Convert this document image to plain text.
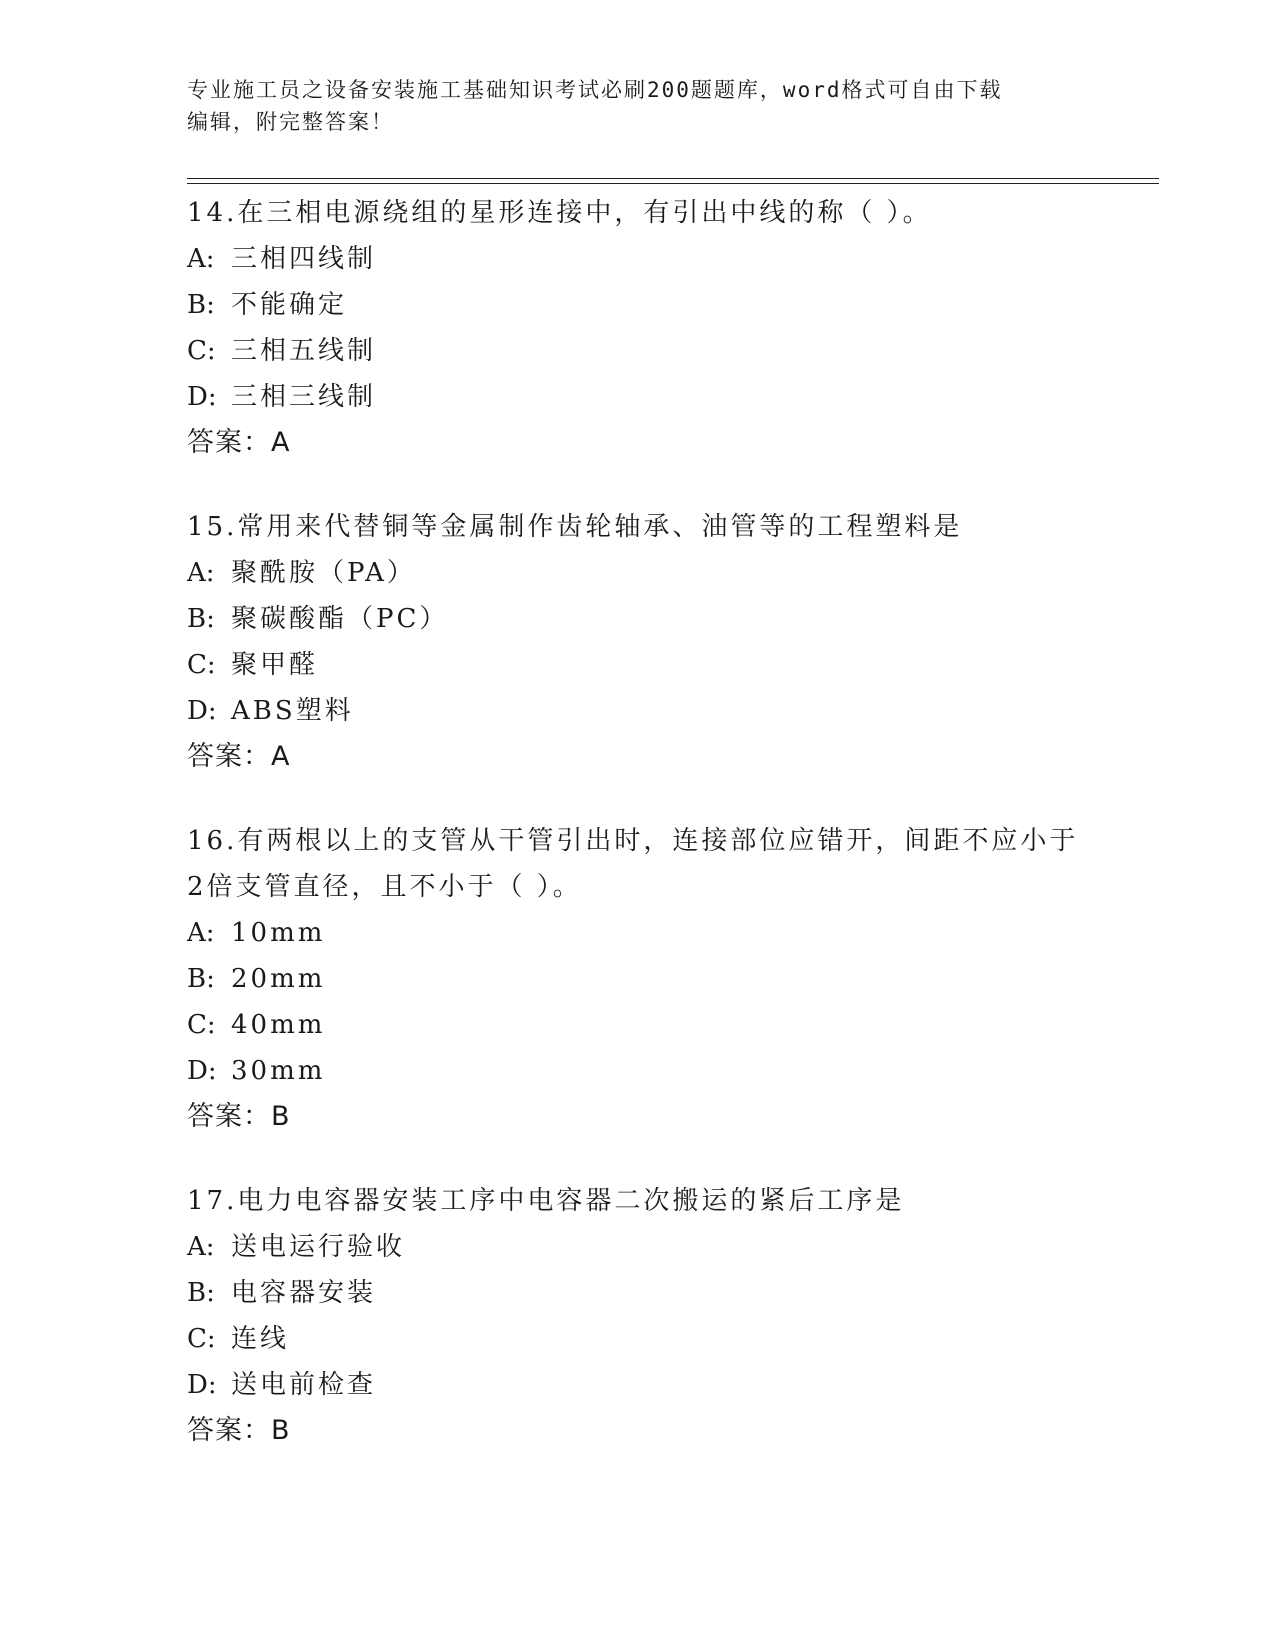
专业施工员之设备安装施工基础知识考试必刷200题题库，word格式可自由下载
编辑，附完整答案！
14.在三相电源绕组的星形连接中，有引出中线的称（ ）。
A: 三相四线制
B: 不能确定
C: 三相五线制
D: 三相三线制
答案：A
15.常用来代替铜等金属制作齿轮轴承、油管等的工程塑料是
A: 聚酰胺（PA）
B: 聚碳酸酯（PC）
C: 聚甲醛
D: ABS塑料
答案：A
16.有两根以上的支管从干管引出时，连接部位应错开，间距不应小于
2倍支管直径，且不小于（ ）。
A: 10mm
B: 20mm
C: 40mm
D: 30mm
答案：B
17.电力电容器安装工序中电容器二次搬运的紧后工序是
A: 送电运行验收
B: 电容器安装
C: 连线
D: 送电前检查
答案：B
